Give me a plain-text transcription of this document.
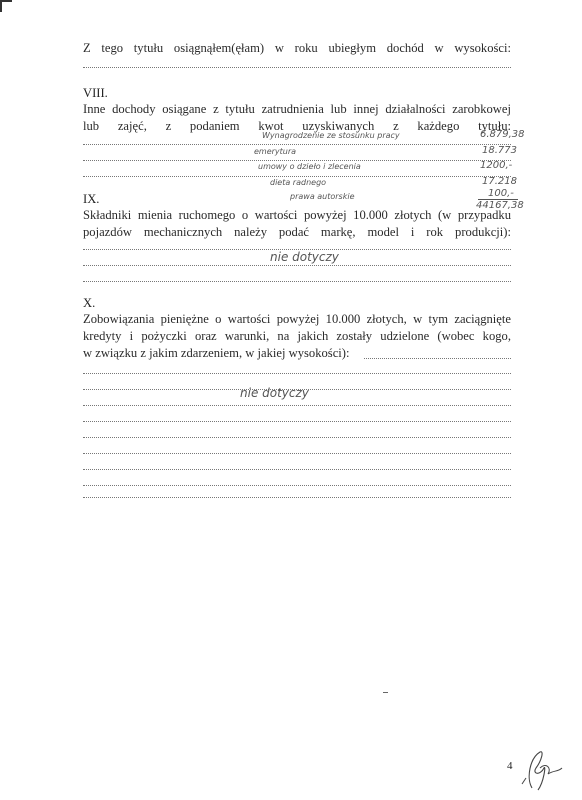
Z tego tytułu osiągnąłem(ęłam) w roku ubiegłym dochód w wysokości:
VIII.
Inne dochody osiągane z tytułu zatrudnienia lub innej działalności zarobkowej
lub zajęć, z podaniem kwot uzyskiwanych z każdego tytułu:
Wynagrodzenie ze stosunku pracy	6.879,38
emerytura	18.773
umowy o dzieło i zlecenia	1200,-
dieta radnego	17.218
prawa autorskie	100,-
44167,38
IX.
Składniki mienia ruchomego o wartości powyżej 10.000 złotych (w przypadku
pojazdów mechanicznych należy podać markę, model i rok produkcji):
nie dotyczy
X.
Zobowiązania pieniężne o wartości powyżej 10.000 złotych, w tym zaciągnięte
kredyty i pożyczki oraz warunki, na jakich zostały udzielone (wobec kogo,
w związku z jakim zdarzeniem, w jakiej wysokości):
nie dotyczy
4
